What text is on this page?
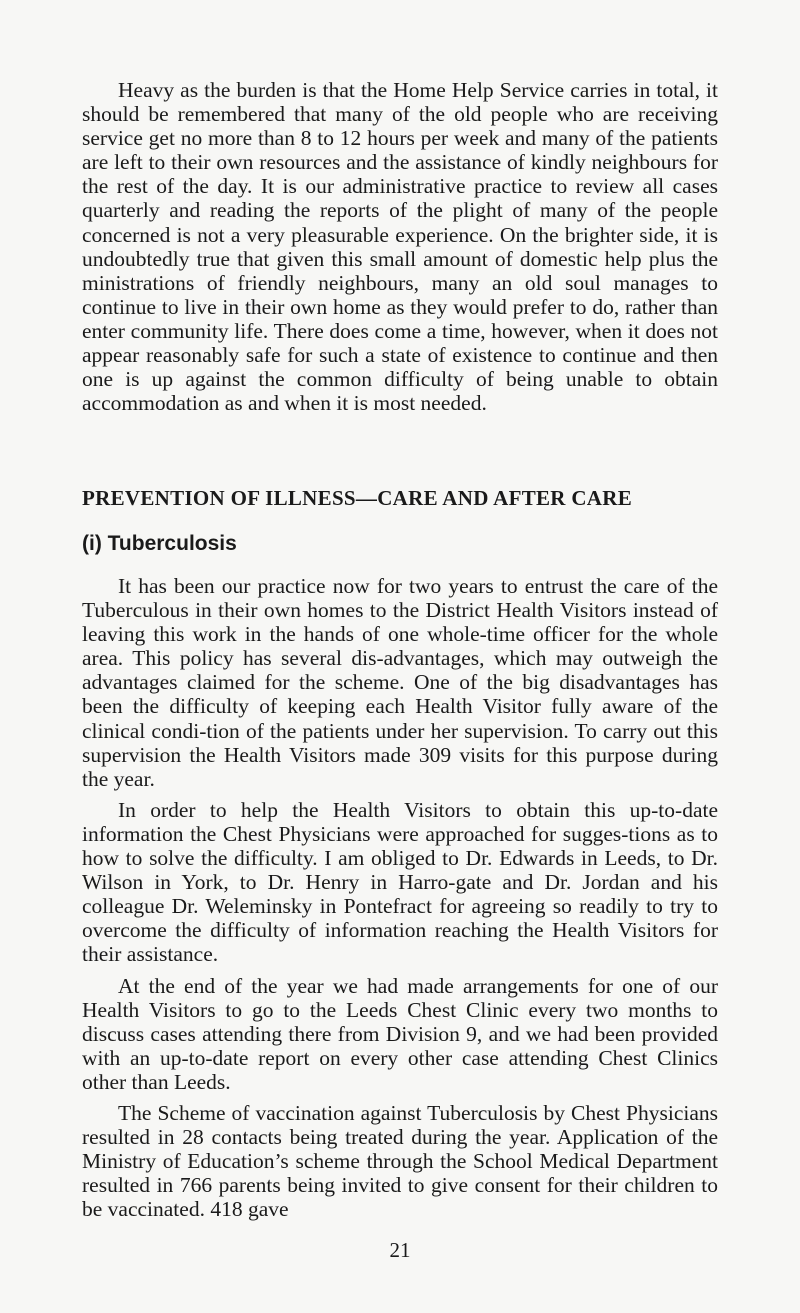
Heavy as the burden is that the Home Help Service carries in total, it should be remembered that many of the old people who are receiving service get no more than 8 to 12 hours per week and many of the patients are left to their own resources and the assistance of kindly neighbours for the rest of the day. It is our administrative practice to review all cases quarterly and reading the reports of the plight of many of the people concerned is not a very pleasurable experience. On the brighter side, it is undoubtedly true that given this small amount of domestic help plus the ministrations of friendly neighbours, many an old soul manages to continue to live in their own home as they would prefer to do, rather than enter community life. There does come a time, however, when it does not appear reasonably safe for such a state of existence to continue and then one is up against the common difficulty of being unable to obtain accommodation as and when it is most needed.

PREVENTION OF ILLNESS—CARE AND AFTER CARE
(i) Tuberculosis

It has been our practice now for two years to entrust the care of the Tuberculous in their own homes to the District Health Visitors instead of leaving this work in the hands of one whole-time officer for the whole area. This policy has several dis-advantages, which may outweigh the advantages claimed for the scheme. One of the big disadvantages has been the difficulty of keeping each Health Visitor fully aware of the clinical condi-tion of the patients under her supervision. To carry out this supervision the Health Visitors made 309 visits for this purpose during the year.

In order to help the Health Visitors to obtain this up-to-date information the Chest Physicians were approached for sugges-tions as to how to solve the difficulty. I am obliged to Dr. Edwards in Leeds, to Dr. Wilson in York, to Dr. Henry in Harro-gate and Dr. Jordan and his colleague Dr. Weleminsky in Pontefract for agreeing so readily to try to overcome the difficulty of information reaching the Health Visitors for their assistance.

At the end of the year we had made arrangements for one of our Health Visitors to go to the Leeds Chest Clinic every two months to discuss cases attending there from Division 9, and we had been provided with an up-to-date report on every other case attending Chest Clinics other than Leeds.

The Scheme of vaccination against Tuberculosis by Chest Physicians resulted in 28 contacts being treated during the year. Application of the Ministry of Education’s scheme through the School Medical Department resulted in 766 parents being invited to give consent for their children to be vaccinated. 418 gave

21
